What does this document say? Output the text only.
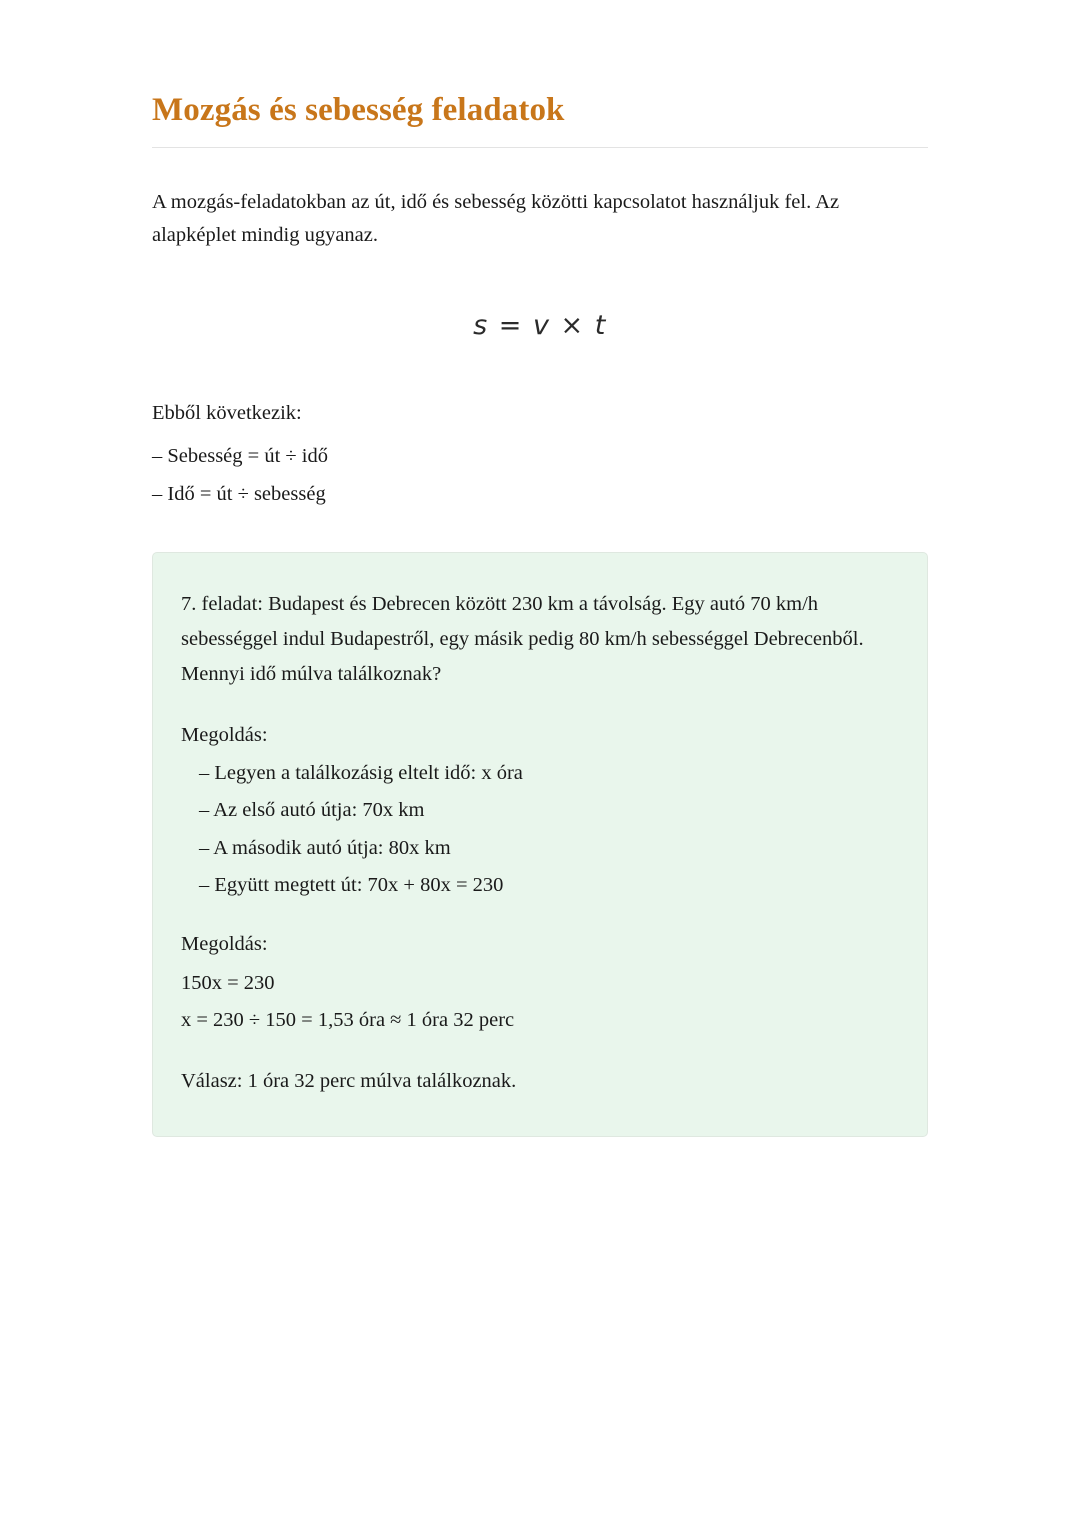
Mozgás és sebesség feladatok

A mozgás-feladatokban az út, idő és sebesség közötti kapcsolatot használjuk fel. Az alapképlet mindig ugyanaz.

s = v × t

Ebből következik:

– Sebesség = út ÷ idő
– Idő = út ÷ sebesség

7. feladat: Budapest és Debrecen között 230 km a távolság. Egy autó 70 km/h sebességgel indul Budapestről, egy másik pedig 80 km/h sebességgel Debrecenből. Mennyi idő múlva találkoznak?

Megoldás:

– Legyen a találkozásig eltelt idő: x óra
– Az első autó útja: 70x km
– A második autó útja: 80x km
– Együtt megtett út: 70x + 80x = 230

Megoldás:

150x = 230
x = 230 ÷ 150 = 1,53 óra ≈ 1 óra 32 perc

Válasz: 1 óra 32 perc múlva találkoznak.
